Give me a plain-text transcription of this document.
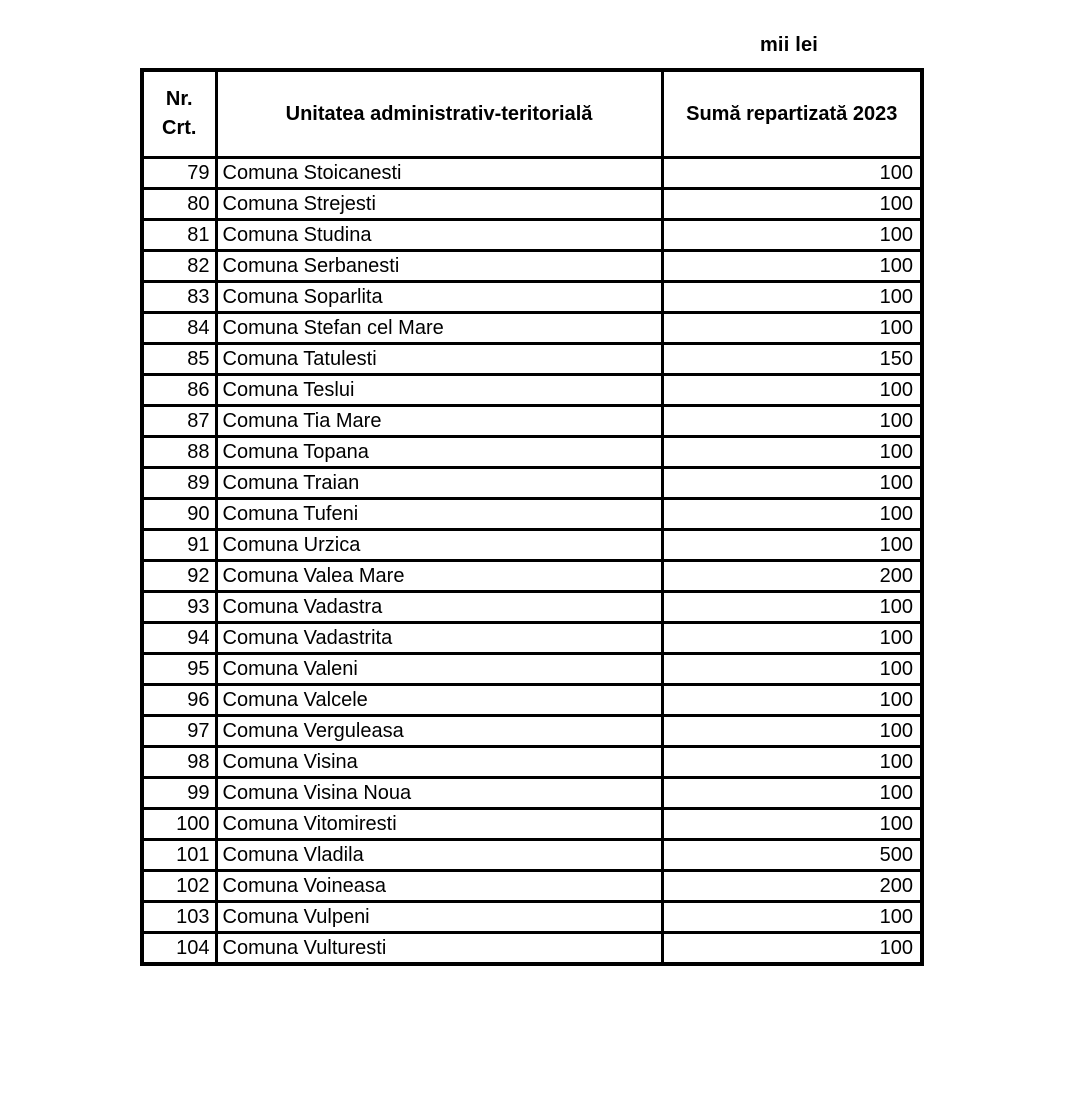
mii lei
Nr. Crt.	Unitatea administrativ-teritorială	Sumă repartizată 2023
79	Comuna Stoicanesti	100
80	Comuna Strejesti	100
81	Comuna Studina	100
82	Comuna Serbanesti	100
83	Comuna Soparlita	100
84	Comuna Stefan cel Mare	100
85	Comuna Tatulesti	150
86	Comuna Teslui	100
87	Comuna Tia Mare	100
88	Comuna Topana	100
89	Comuna Traian	100
90	Comuna Tufeni	100
91	Comuna Urzica	100
92	Comuna Valea Mare	200
93	Comuna Vadastra	100
94	Comuna Vadastrita	100
95	Comuna Valeni	100
96	Comuna Valcele	100
97	Comuna Verguleasa	100
98	Comuna Visina	100
99	Comuna Visina Noua	100
100	Comuna Vitomiresti	100
101	Comuna Vladila	500
102	Comuna Voineasa	200
103	Comuna Vulpeni	100
104	Comuna Vulturesti	100
